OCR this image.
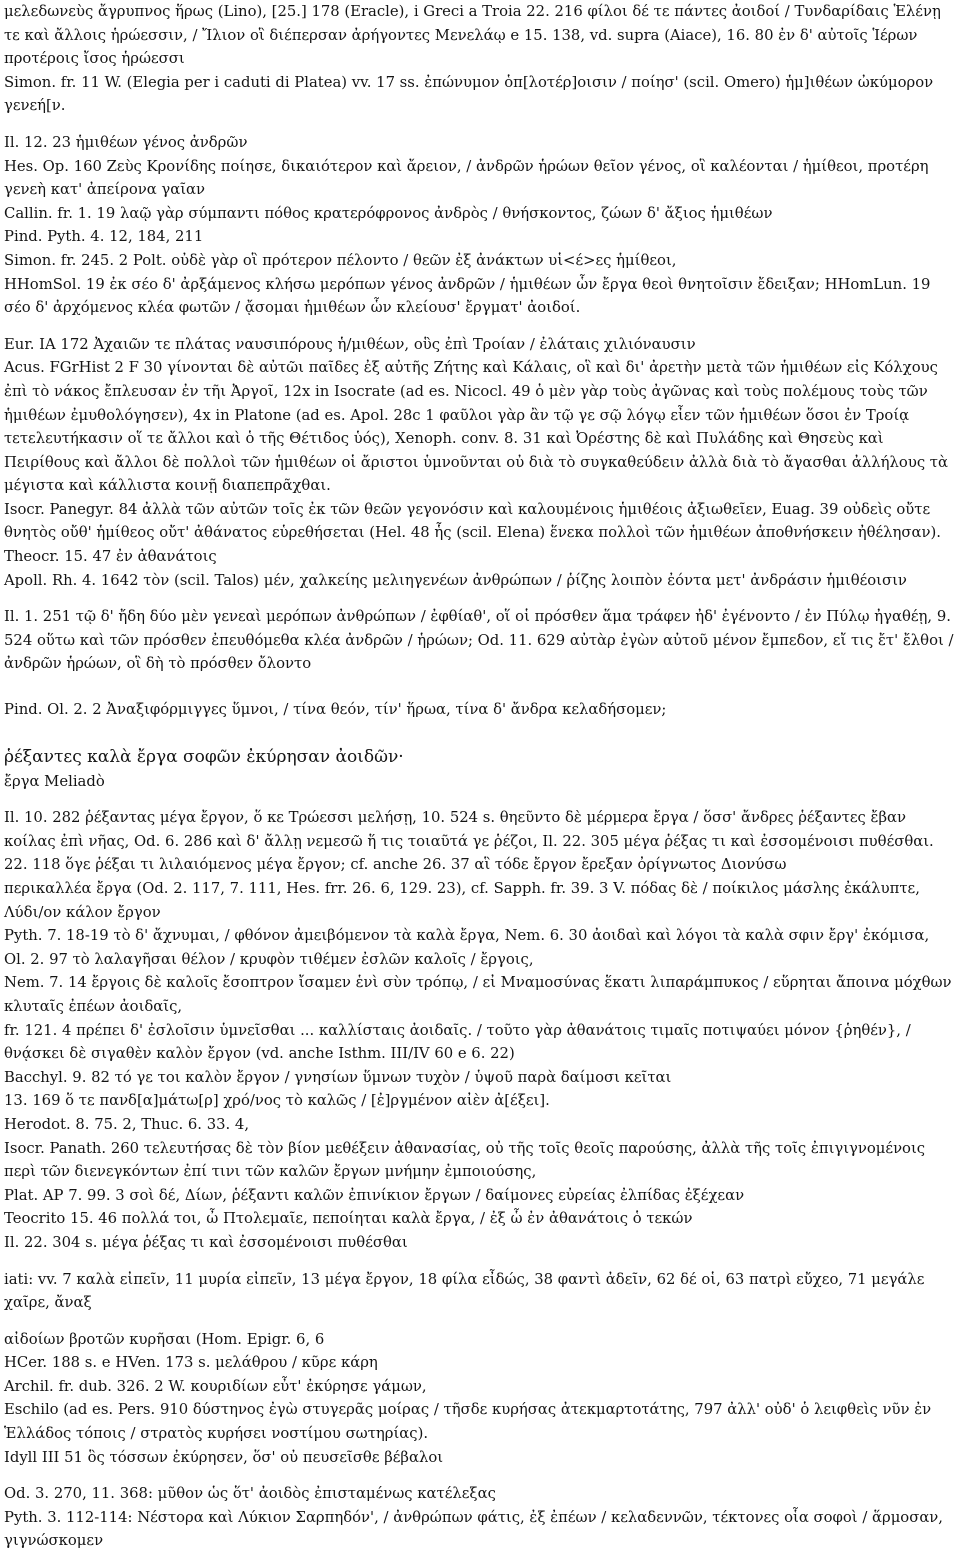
μελεδωνεὺς ἄγρυπνος ἥρως (Lino), [25.] 178 (Eracle), i Greci a Troia 22. 216 φίλοι δέ τε πάντες ἀοιδοί / Τυνδαρίδαις Ἑλένῃ τε καὶ ἄλλοις ἡρώεσσιν, / Ἴλιον οἳ διέπερσαν ἀρήγοντες Μενελάῳ e 15. 138, vd. supra (Aiace), 16. 80 ἐν δ' αὐτοῖς Ἱέρων προτέροις ἴσος ἡρώεσσι
Simon. fr. 11 W. (Elegia per i caduti di Platea) vv. 17 ss. ἐπώνυμον ὁπ[λοτέρ]οισιν / ποίησ' (scil. Omero) ἡμ]ιθέων ὠκύμορον γενεή[ν.
Il. 12. 23 ἡμιθέων γένος ἀνδρῶν
Hes. Op. 160 Ζεὺς Κρονίδης ποίησε, δικαιότερον καὶ ἄρειον, / ἀνδρῶν ἡρώων θεῖον γένος, οἳ καλέονται / ἡμίθεοι, προτέρη γενεὴ κατ' ἀπείρονα γαῖαν
Callin. fr. 1. 19 λαῷ γὰρ σύμπαντι πόθος κρατερόφρονος ἀνδρὸς / θνήσκοντος, ζώων δ' ἄξιος ἡμιθέων
Pind. Pyth. 4. 12, 184, 211
Simon. fr. 245. 2 Polt. οὐδὲ γὰρ οἳ πρότερον πέλοντο / θεῶν ἐξ ἀνάκτων υἱ<έ>ες ἡμίθεοι,
HHomSol. 19 ἐκ σέο δ' ἀρξάμενος κλήσω μερόπων γένος ἀνδρῶν / ἡμιθέων ὧν ἔργα θεοὶ θνητοῖσιν ἔδειξαν; HHomLun. 19 σέο δ' ἀρχόμενος κλέα φωτῶν / ᾄσομαι ἡμιθέων ὧν κλείουσ' ἔργματ' ἀοιδοί.
Eur. IA 172 Ἀχαιῶν τε πλάτας ναυσιπόρους ἡ/μιθέων, οὓς ἐπὶ Τροίαν / ἐλάταις χιλιόναυσιν
Acus. FGrHist 2 F 30 γίνονται δὲ αὐτῶι παῖδες ἐξ αὐτῆς Ζήτης καὶ Κάλαις, οἳ καὶ δι' ἀρετὴν μετὰ τῶν ἡμιθέων εἰς Κόλχους ἐπὶ τὸ νάκος ἔπλευσαν ἐν τῆι Ἀργοῖ, 12x in Isocrate (ad es. Nicocl. 49 ὁ μὲν γὰρ τοὺς ἀγῶνας καὶ τοὺς πολέμους τοὺς τῶν ἡμιθέων ἐμυθολόγησεν), 4x in Platone (ad es. Apol. 28c 1 φαῦλοι γὰρ ἂν τῷ γε σῷ λόγῳ εἶεν τῶν ἡμιθέων ὅσοι ἐν Τροίᾳ τετελευτήκασιν οἵ τε ἄλλοι καὶ ὁ τῆς Θέτιδος ὑός), Xenoph. conv. 8. 31 καὶ Ὀρέστης δὲ καὶ Πυλάδης καὶ Θησεὺς καὶ Πειρίθους καὶ ἄλλοι δὲ πολλοὶ τῶν ἡμιθέων οἱ ἄριστοι ὑμνοῦνται οὐ διὰ τὸ συγκαθεύδειν ἀλλὰ διὰ τὸ ἄγασθαι ἀλλήλους τὰ μέγιστα καὶ κάλλιστα κοινῇ διαπεπρᾶχθαι.
Isocr. Panegyr. 84 ἀλλὰ τῶν αὐτῶν τοῖς ἐκ τῶν θεῶν γεγονόσιν καὶ καλουμένοις ἡμιθέοις ἀξιωθεῖεν, Euag. 39 οὐδεὶς οὔτε θνητὸς οὔθ' ἡμίθεος οὔτ' ἀθάνατος εὑρεθήσεται (Hel. 48 ἧς (scil. Elena) ἕνεκα πολλοὶ τῶν ἡμιθέων ἀποθνήσκειν ἠθέλησαν).
Theocr. 15. 47 ἐν ἀθανάτοις
Apoll. Rh. 4. 1642 τὸν (scil. Talos) μέν, χαλκείης μελιηγενέων ἀνθρώπων / ῥίζης λοιπὸν ἐόντα μετ' ἀνδράσιν ἡμιθέοισιν
Il. 1. 251 τῷ δ' ἤδη δύο μὲν γενεαὶ μερόπων ἀνθρώπων / ἐφθίαθ', οἵ οἱ πρόσθεν ἅμα τράφεν ἠδ' ἐγένοντο / ἐν Πύλῳ ἠγαθέῃ, 9. 524 οὕτω καὶ τῶν πρόσθεν ἐπευθόμεθα κλέα ἀνδρῶν / ἡρώων; Od. 11. 629 αὐτὰρ ἐγὼν αὐτοῦ μένον ἔμπεδον, εἴ τις ἔτ' ἔλθοι / ἀνδρῶν ἡρώων, οἳ δὴ τὸ πρόσθεν ὄλοντο
Pind. Ol. 2. 2 Ἀναξιφόρμιγγες ὕμνοι, / τίνα θεόν, τίν' ἥρωα, τίνα δ' ἄνδρα κελαδήσομεν;
ῥέξαντες καλὰ ἔργα σοφῶν ἐκύρησαν ἀοιδῶν·
ἔργα Meliadò
Il. 10. 282 ῥέξαντας μέγα ἔργον, ὅ κε Τρώεσσι μελήσῃ, 10. 524 s. θηεῦντο δὲ μέρμερα ἔργα / ὅσσ' ἄνδρες ῥέξαντες ἔβαν κοίλας ἐπὶ νῆας, Od. 6. 286 καὶ δ' ἄλλῃ νεμεσῶ ἥ τις τοιαῦτά γε ῥέζοι, Il. 22. 305 μέγα ῥέξας τι καὶ ἐσσομένοισι πυθέσθαι.
22. 118 ὅγε ῥέξαι τι λιλαιόμενος μέγα ἔργον; cf. anche 26. 37 αἳ τόδε ἔργον ἔρεξαν ὀρίγνωτος Διονύσω
περικαλλέα ἔργα (Od. 2. 117, 7. 111, Hes. frr. 26. 6, 129. 23), cf. Sapph. fr. 39. 3 V. πόδας δὲ / ποίκιλος μάσλης ἐκάλυπτε, Λύδι/ον κάλον ἔργον
Pyth. 7. 18-19 τὸ δ' ἄχνυμαι, / φθόνον ἀμειβόμενον τὰ καλὰ ἔργα, Nem. 6. 30 ἀοιδαὶ καὶ λόγοι τὰ καλὰ σφιν ἔργ' ἐκόμισα,
Ol. 2. 97 τὸ λαλαγῆσαι θέλον / κρυφὸν τιθέμεν ἐσλῶν καλοῖς / ἔργοις,
Nem. 7. 14 ἔργοις δὲ καλοῖς ἔσοπτρον ἴσαμεν ἑνὶ σὺν τρόπῳ, / εἰ Μναμοσύνας ἕκατι λιπαράμπυκος / εὕρηται ἄποινα μόχθων κλυταῖς ἐπέων ἀοιδαῖς,
fr. 121. 4 πρέπει δ' ἐσλοῖσιν ὑμνεῖσθαι ... καλλίσταις ἀοιδαῖς. / τοῦτο γὰρ ἀθανάτοις τιμαῖς ποτιψαύει μόνον {ῥηθέν}, / θνᾴσκει δὲ σιγαθὲν καλὸν ἔργον (vd. anche Isthm. III/IV 60 e 6. 22)
Bacchyl. 9. 82 τό γε τοι καλὸν ἔργον / γνησίων ὕμνων τυχὸν / ὑψοῦ παρὰ δαίμοσι κεῖται
13. 169 ὅ τε πανδ[α]μάτω[ρ] χρό/νος τὸ καλῶς / [ἐ]ργμένον αἰὲν ἀ[έξει].
Herodot. 8. 75. 2, Thuc. 6. 33. 4,
Isocr. Panath. 260 τελευτήσας δὲ τὸν βίον μεθέξειν ἀθανασίας, οὐ τῆς τοῖς θεοῖς παρούσης, ἀλλὰ τῆς τοῖς ἐπιγιγνομένοις περὶ τῶν διενεγκόντων ἐπί τινι τῶν καλῶν ἔργων μνήμην ἐμποιούσης,
Plat. AP 7. 99. 3 σοὶ δέ, Δίων, ῥέξαντι καλῶν ἐπινίκιον ἔργων / δαίμονες εὐρείας ἐλπίδας ἐξέχεαν
Teocrito 15. 46 πολλά τοι, ὦ Πτολεμαῖε, πεποίηται καλὰ ἔργα, / ἐξ ὧ ἐν ἀθανάτοις ὁ τεκών
Il. 22. 304 s. μέγα ῥέξας τι καὶ ἐσσομένοισι πυθέσθαι
iati: vv. 7 καλὰ εἰπεῖν, 11 μυρία εἰπεῖν, 13 μέγα ἔργον, 18 φίλα εἶδώς, 38 φαντὶ ἀδεῖν, 62 δέ οἱ, 63 πατρὶ εὔχεο, 71 μεγάλε χαῖρε, ἄναξ
αἰδοίων βροτῶν κυρῆσαι (Hom. Epigr. 6, 6
HCer. 188 s. e HVen. 173 s. μελάθρου / κῦρε κάρη
Archil. fr. dub. 326. 2 W. κουριδίων εὖτ' ἐκύρησε γάμων,
Eschilo (ad es. Pers. 910 δύστηνος ἐγὼ στυγερᾶς μοίρας / τῆσδε κυρήσας ἀτεκμαρτοτάτης, 797 ἀλλ' οὐδ' ὁ λειφθεὶς νῦν ἐν Ἑλλάδος τόποις / στρατὸς κυρήσει νοστίμου σωτηρίας).
Idyll III 51 ὃς τόσσων ἐκύρησεν, ὅσ' οὐ πευσεῖσθε βέβαλοι
Od. 3. 270, 11. 368: μῦθον ὡς ὅτ' ἀοιδὸς ἐπισταμένως κατέλεξας
Pyth. 3. 112-114: Νέστορα καὶ Λύκιον Σαρπηδόν', / ἀνθρώπων φάτις, ἐξ ἐπέων / κελαδεννῶν, τέκτονες οἷα σοφοὶ / ἅρμοσαν, γιγνώσκομεν
